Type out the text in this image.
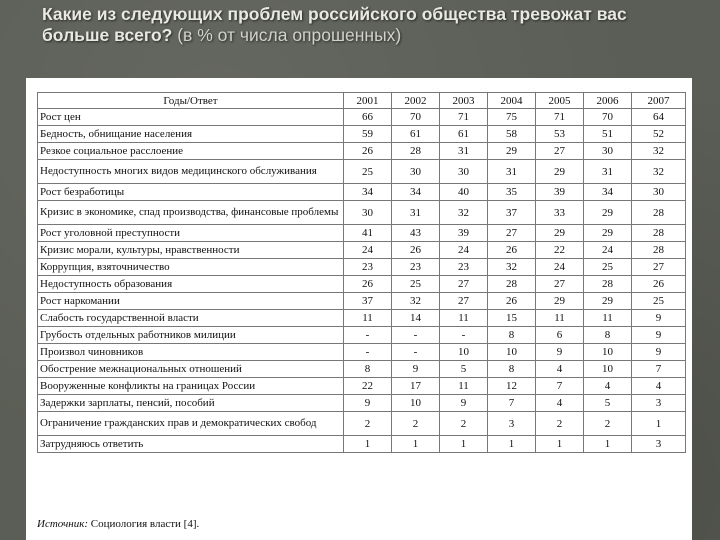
Какие из следующих проблем российского общества тревожат вас больше всего? (в % от числа опрошенных)
Годы/Ответ	2001	2002	2003	2004	2005	2006	2007
Рост цен	66	70	71	75	71	70	64
Бедность, обнищание населения	59	61	61	58	53	51	52
Резкое социальное расслоение	26	28	31	29	27	30	32
Недоступность многих видов медицинского обслуживания	25	30	30	31	29	31	32
Рост безработицы	34	34	40	35	39	34	30
Кризис в экономике, спад производства, финансовые проблемы	30	31	32	37	33	29	28
Рост уголовной преступности	41	43	39	27	29	29	28
Кризис морали, культуры, нравственности	24	26	24	26	22	24	28
Коррупция, взяточничество	23	23	23	32	24	25	27
Недоступность образования	26	25	27	28	27	28	26
Рост наркомании	37	32	27	26	29	29	25
Слабость государственной власти	11	14	11	15	11	11	9
Грубость отдельных работников милиции	-	-	-	8	6	8	9
Произвол чиновников	-	-	10	10	9	10	9
Обострение межнациональных отношений	8	9	5	8	4	10	7
Вооруженные конфликты на границах России	22	17	11	12	7	4	4
Задержки зарплаты, пенсий, пособий	9	10	9	7	4	5	3
Ограничение гражданских прав и демократических свобод	2	2	2	3	2	2	1
Затрудняюсь ответить	1	1	1	1	1	1	3
Источник: Социология власти [4].
